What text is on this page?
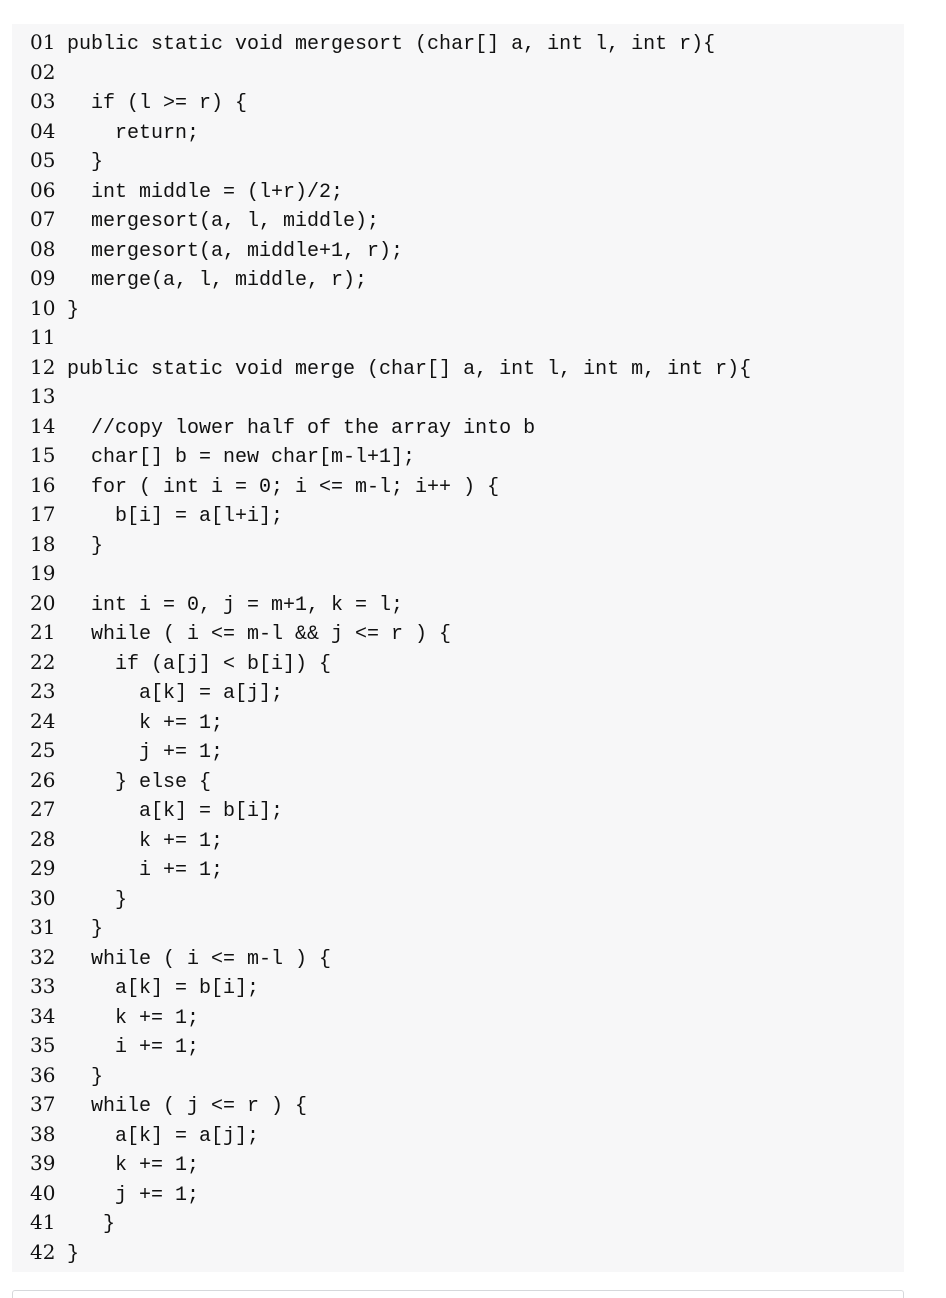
01 public static void mergesort (char[] a, int l, int r){
02
03  if (l >= r) {
04    return;
05  }
06  int middle = (l+r)/2;
07  mergesort(a, l, middle);
08  mergesort(a, middle+1, r);
09  merge(a, l, middle, r);
10 }
11
12 public static void merge (char[] a, int l, int m, int r){
13
14  //copy lower half of the array into b
15  char[] b = new char[m-l+1];
16  for ( int i = 0; i <= m-l; i++ ) {
17    b[i] = a[l+i];
18  }
19
20  int i = 0, j = m+1, k = l;
21  while ( i <= m-l && j <= r ) {
22    if (a[j] < b[i]) {
23      a[k] = a[j];
24      k += 1;
25      j += 1;
26    } else {
27      a[k] = b[i];
28      k += 1;
29      i += 1;
30    }
31  }
32  while ( i <= m-l ) {
33    a[k] = b[i];
34    k += 1;
35    i += 1;
36  }
37  while ( j <= r ) {
38    a[k] = a[j];
39    k += 1;
40    j += 1;
41   }
42 }
